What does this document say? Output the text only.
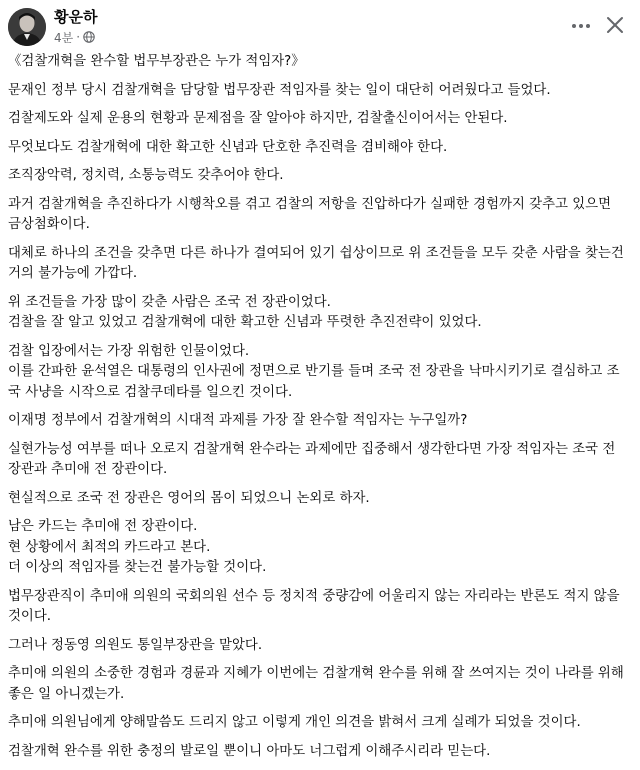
황운하
4분 ·
《검찰개혁을 완수할 법무부장관은 누가 적임자?》
문재인 정부 당시 검찰개혁을 담당할 법무장관 적임자를 찾는 일이 대단히 어려웠다고 들었다.
검찰제도와 실제 운용의 현황과 문제점을 잘 알아야 하지만, 검찰출신이어서는 안된다.
무엇보다도 검찰개혁에 대한 확고한 신념과 단호한 추진력을 겸비해야 한다.
조직장악력, 정치력, 소통능력도 갖추어야 한다.
과거 검찰개혁을 추진하다가 시행착오를 겪고 검찰의 저항을 진압하다가 실패한 경험까지 갖추고 있으면
금상첨화이다.
대체로 하나의 조건을 갖추면 다른 하나가 결여되어 있기 쉽상이므로 위 조건들을 모두 갖춘 사람을 찾는건
거의 불가능에 가깝다.
위 조건들을 가장 많이 갖춘 사람은 조국 전 장관이었다.
검찰을 잘 알고 있었고 검찰개혁에 대한 확고한 신념과 뚜렷한 추진전략이 있었다.
검찰 입장에서는 가장 위험한 인물이었다.
이를 간파한 윤석열은 대통령의 인사권에 정면으로 반기를 들며 조국 전 장관을 낙마시키기로 결심하고 조
국 사냥을 시작으로 검찰쿠데타를 일으킨 것이다.
이재명 정부에서 검찰개혁의 시대적 과제를 가장 잘 완수할 적임자는 누구일까?
실현가능성 여부를 떠나 오로지 검찰개혁 완수라는 과제에만 집중해서 생각한다면 가장 적임자는 조국 전
장관과 추미애 전 장관이다.
현실적으로 조국 전 장관은 영어의 몸이 되었으니 논외로 하자.
남은 카드는 추미애 전 장관이다.
현 상황에서 최적의 카드라고 본다.
더 이상의 적임자를 찾는건 불가능할 것이다.
법무장관직이 추미애 의원의 국회의원 선수 등 정치적 중량감에 어울리지 않는 자리라는 반론도 적지 않을
것이다.
그러나 정동영 의원도 통일부장관을 맡았다.
추미애 의원의 소중한 경험과 경륜과 지혜가 이번에는 검찰개혁 완수를 위해 잘 쓰여지는 것이 나라를 위해
좋은 일 아니겠는가.
추미애 의원님에게 양해말씀도 드리지 않고 이렇게 개인 의견을 밝혀서 크게 실례가 되었을 것이다.
검찰개혁 완수를 위한 충정의 발로일 뿐이니 아마도 너그럽게 이해주시리라 믿는다.
